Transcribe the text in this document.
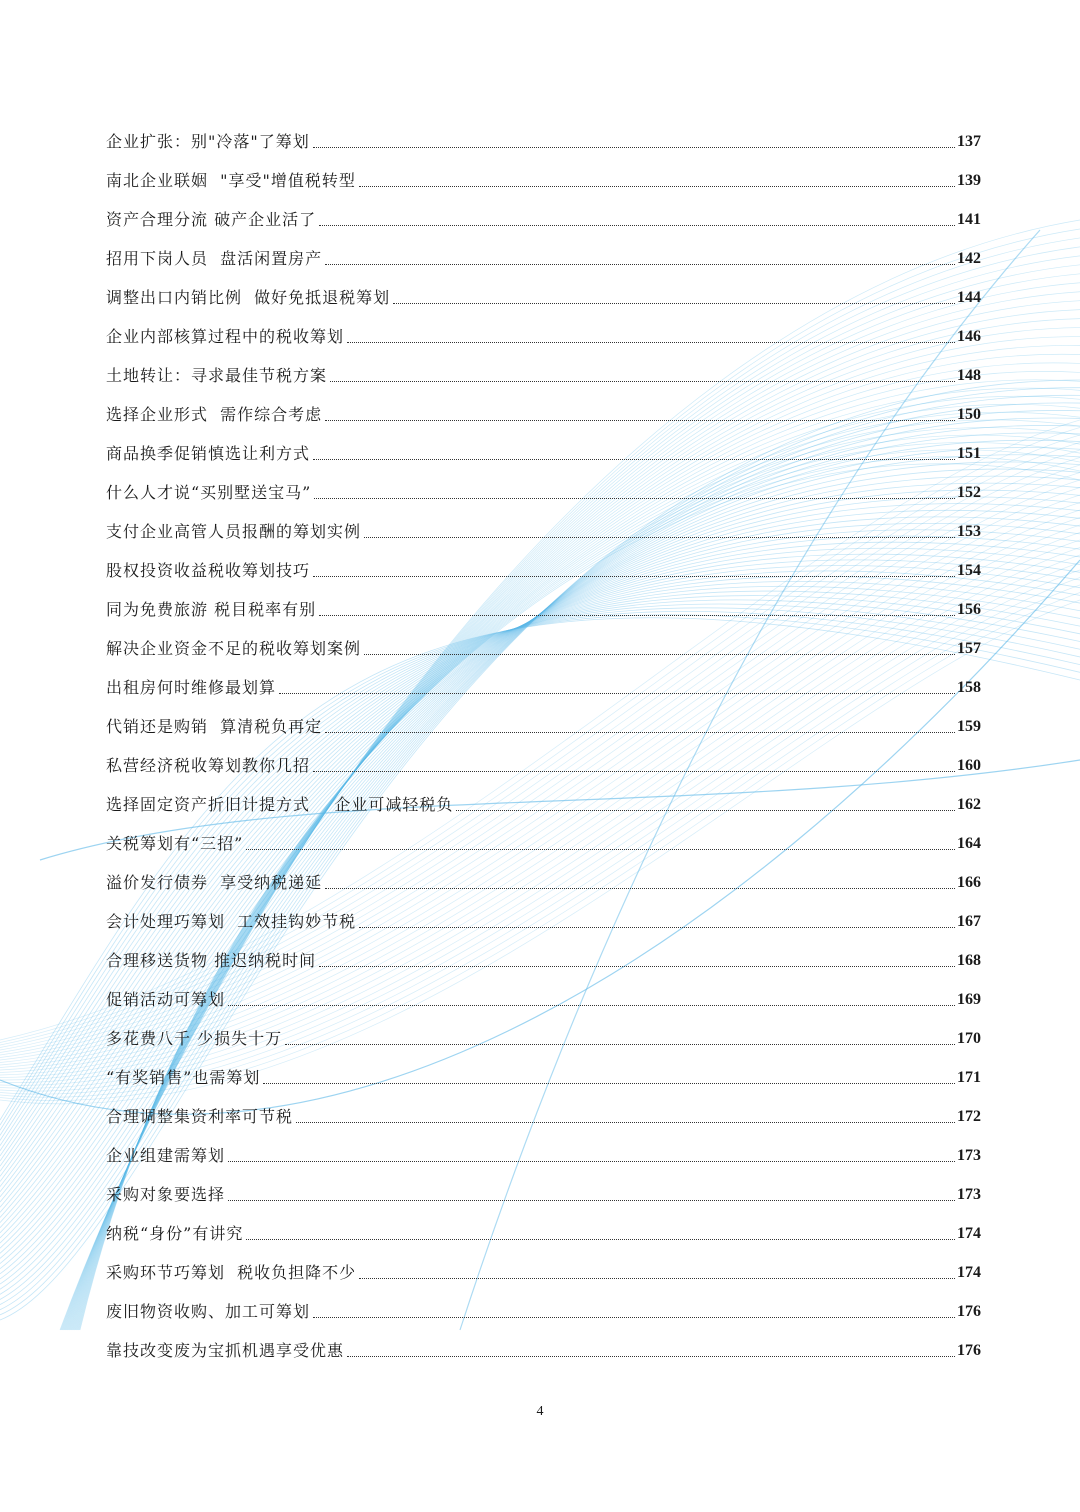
企业扩张：别"冷落"了筹划	137
南北企业联姻  "享受"增值税转型	139
资产合理分流 破产企业活了	141
招用下岗人员  盘活闲置房产	142
调整出口内销比例  做好免抵退税筹划	144
企业内部核算过程中的税收筹划	146
土地转让：寻求最佳节税方案	148
选择企业形式  需作综合考虑	150
商品换季促销慎选让利方式	151
什么人才说“买别墅送宝马”	152
支付企业高管人员报酬的筹划实例	153
股权投资收益税收筹划技巧	154
同为免费旅游 税目税率有别	156
解决企业资金不足的税收筹划案例	157
出租房何时维修最划算	158
代销还是购销  算清税负再定	159
私营经济税收筹划教你几招	160
选择固定资产折旧计提方式    企业可减轻税负	162
关税筹划有“三招”	164
溢价发行债券  享受纳税递延	166
会计处理巧筹划  工效挂钩妙节税	167
合理移送货物 推迟纳税时间	168
促销活动可筹划	169
多花费八千 少损失十万	170
“有奖销售”也需筹划	171
合理调整集资利率可节税	172
企业组建需筹划	173
采购对象要选择	173
纳税“身份”有讲究	174
采购环节巧筹划  税收负担降不少	174
废旧物资收购、加工可筹划	176
靠技改变废为宝抓机遇享受优惠	176
4
